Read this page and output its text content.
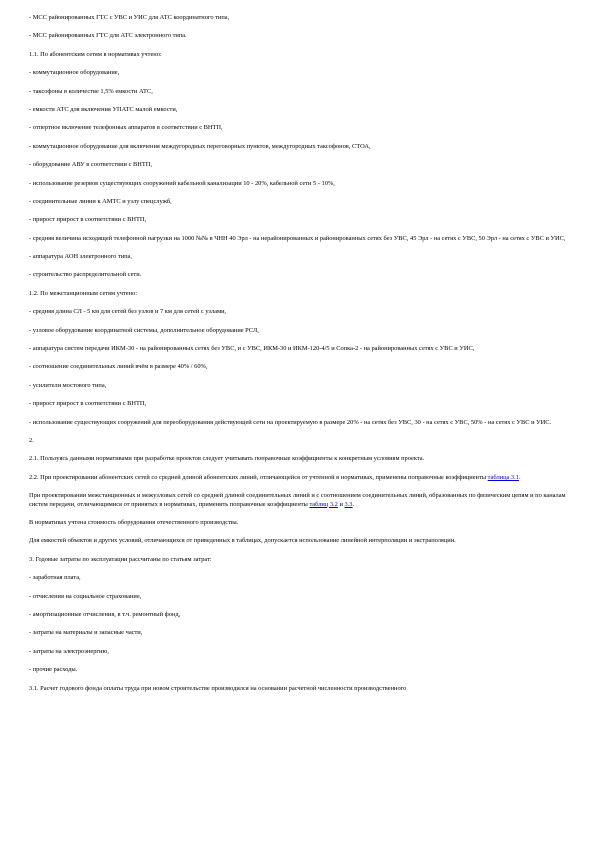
- МСС районированных ГТС с УВС и УИС для АТС координатного типа,
- МСС районированных ГТС для АТС электронного типа.
1.1. По абонентским сетям в нормативах учтено:
- коммутационное оборудование,
- таксофоны в количестве 1,5% емкости АТС,
- емкости АТС для включения УПАТС малой емкости,
- отпертное включение телефонных аппаратов в соответствии с ВНТП,
- коммутационное оборудование для включения междугородных переговорных пунктов, междугородных таксофонов, СТОА,
- оборудование АВУ в соответствии с ВНТП,
- использование резервов существующих сооружений кабельной канализации 10 - 20%, кабельной сети 5 - 10%,
- соединительные линии к АМТС и узлу спецслужб,
- прирост прирост в соответствии с ВНТП,
- средняя величина исходящей телефонной нагрузки на 1000 №№ в ЧНН 40 Эрл - на нерайонированных и районированных сетях без УВС, 45 Эрл - на сетях с УВС, 50 Эрл - на сетях с УВС и УИС,
- аппаратура АОН электронного типа,
- строительство распределительной сети.
1.2. По межстанционным сетям учтено:
- средняя длина СЛ - 5 км для сетей без узлов и 7 км для сетей с узлами,
- узловое оборудование координатной системы, дополнительное оборудование РСЛ,
- аппаратура систем передачи ИКМ-30 - на районированных сетях без УВС, и с УВС, ИКМ-30 и ИКМ-120-4/5 и Сопка-2 - на районированных сетях с УВС и УИС,
- соотношение соединительных линий вчём в размере 40% / 60%,
- усилители мостового типа,
- прирост прирост в соответствии с ВНТП,
- использование существующих сооружений для переоборудования действующей сети на проектируемую в размере 20% - на сетях без УВС, 30 - на сетях с УВС, 50% - на сетях с УВС и УИС.
2.
2.1. Пользуясь данными нормативами при разработке проектов следует учитывать поправочные коэффициенты к конкретным условиям проекта.
2.2. При проектировании абонентских сетей со средней длиной абонентских линий, отличающейся от учтенной в нормативах, применены поправочные коэффициенты таблица 3.1.
При проектировании межстанционных и межузловых сетей со средней длиной соединительных линий и с соотношением соединительных линий, образованных по физическим цепям и по каналам систем передачи, отличающимися от принятых в нормативах, применить поправочные коэффициенты таблиц 3.2 и 3.3.
В нормативах учтена стоимость оборудования отечественного производства.
Для емкостей объектов и других условий, отличающихся от приведенных в таблицах, допускается использование линейной интерполяции и экстраполяции.
3. Годовые затраты по эксплуатации рассчитаны по статьям затрат:
- заработная плата,
- отчисления на социальное страхование,
- амортизационные отчисления, в т.ч. ремонтный фонд,
- затраты на материалы и запасные части,
- затраты на электроэнергию,
- прочие расходы.
3.1. Расчет годового фонда оплаты труда при новом строительстве производился на основании расчетной численности производственного
